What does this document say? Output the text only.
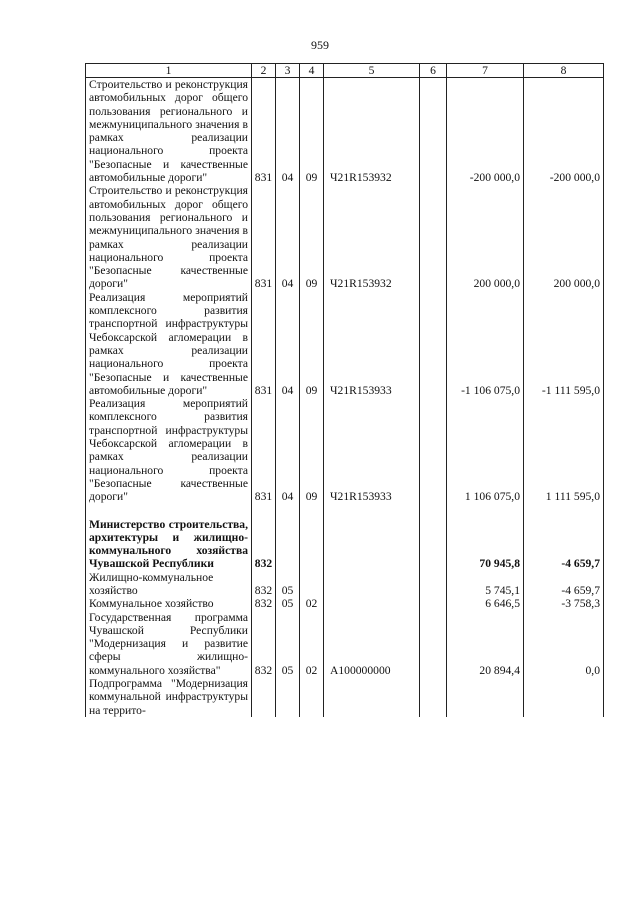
959
1	2	3	4	5	6	7	8
Строительство и реконструкция автомобильных дорог общего пользования регионального и межмуниципального значения в рамках реализации национального проекта "Безопасные и качественные автомобильные дороги"	831	04	09	Ч21R153932		-200 000,0	-200 000,0
Строительство и реконструкция автомобильных дорог общего пользования регионального и межмуниципального значения в рамках реализации национального проекта "Безопасные качественные дороги"	831	04	09	Ч21R153932		200 000,0	200 000,0
Реализация мероприятий комплексного развития транспортной инфраструктуры Чебоксарской агломерации в рамках реализации национального проекта "Безопасные и качественные автомобильные дороги"	831	04	09	Ч21R153933		-1 106 075,0	-1 111 595,0
Реализация мероприятий комплексного развития транспортной инфраструктуры Чебоксарской агломерации в рамках реализации национального проекта "Безопасные качественные дороги"	831	04	09	Ч21R153933		1 106 075,0	1 111 595,0

Министерство строительства, архитектуры и жилищно-коммунального хозяйства Чувашской Республики	832					70 945,8	-4 659,7
Жилищно-коммунальное хозяйство	832	05				5 745,1	-4 659,7
Коммунальное хозяйство	832	05	02			6 646,5	-3 758,3
Государственная программа Чувашской Республики "Модернизация и развитие сферы жилищно-коммунального хозяйства"	832	05	02	А100000000		20 894,4	0,0
Подпрограмма "Модернизация коммунальной инфраструктуры на террито-							
